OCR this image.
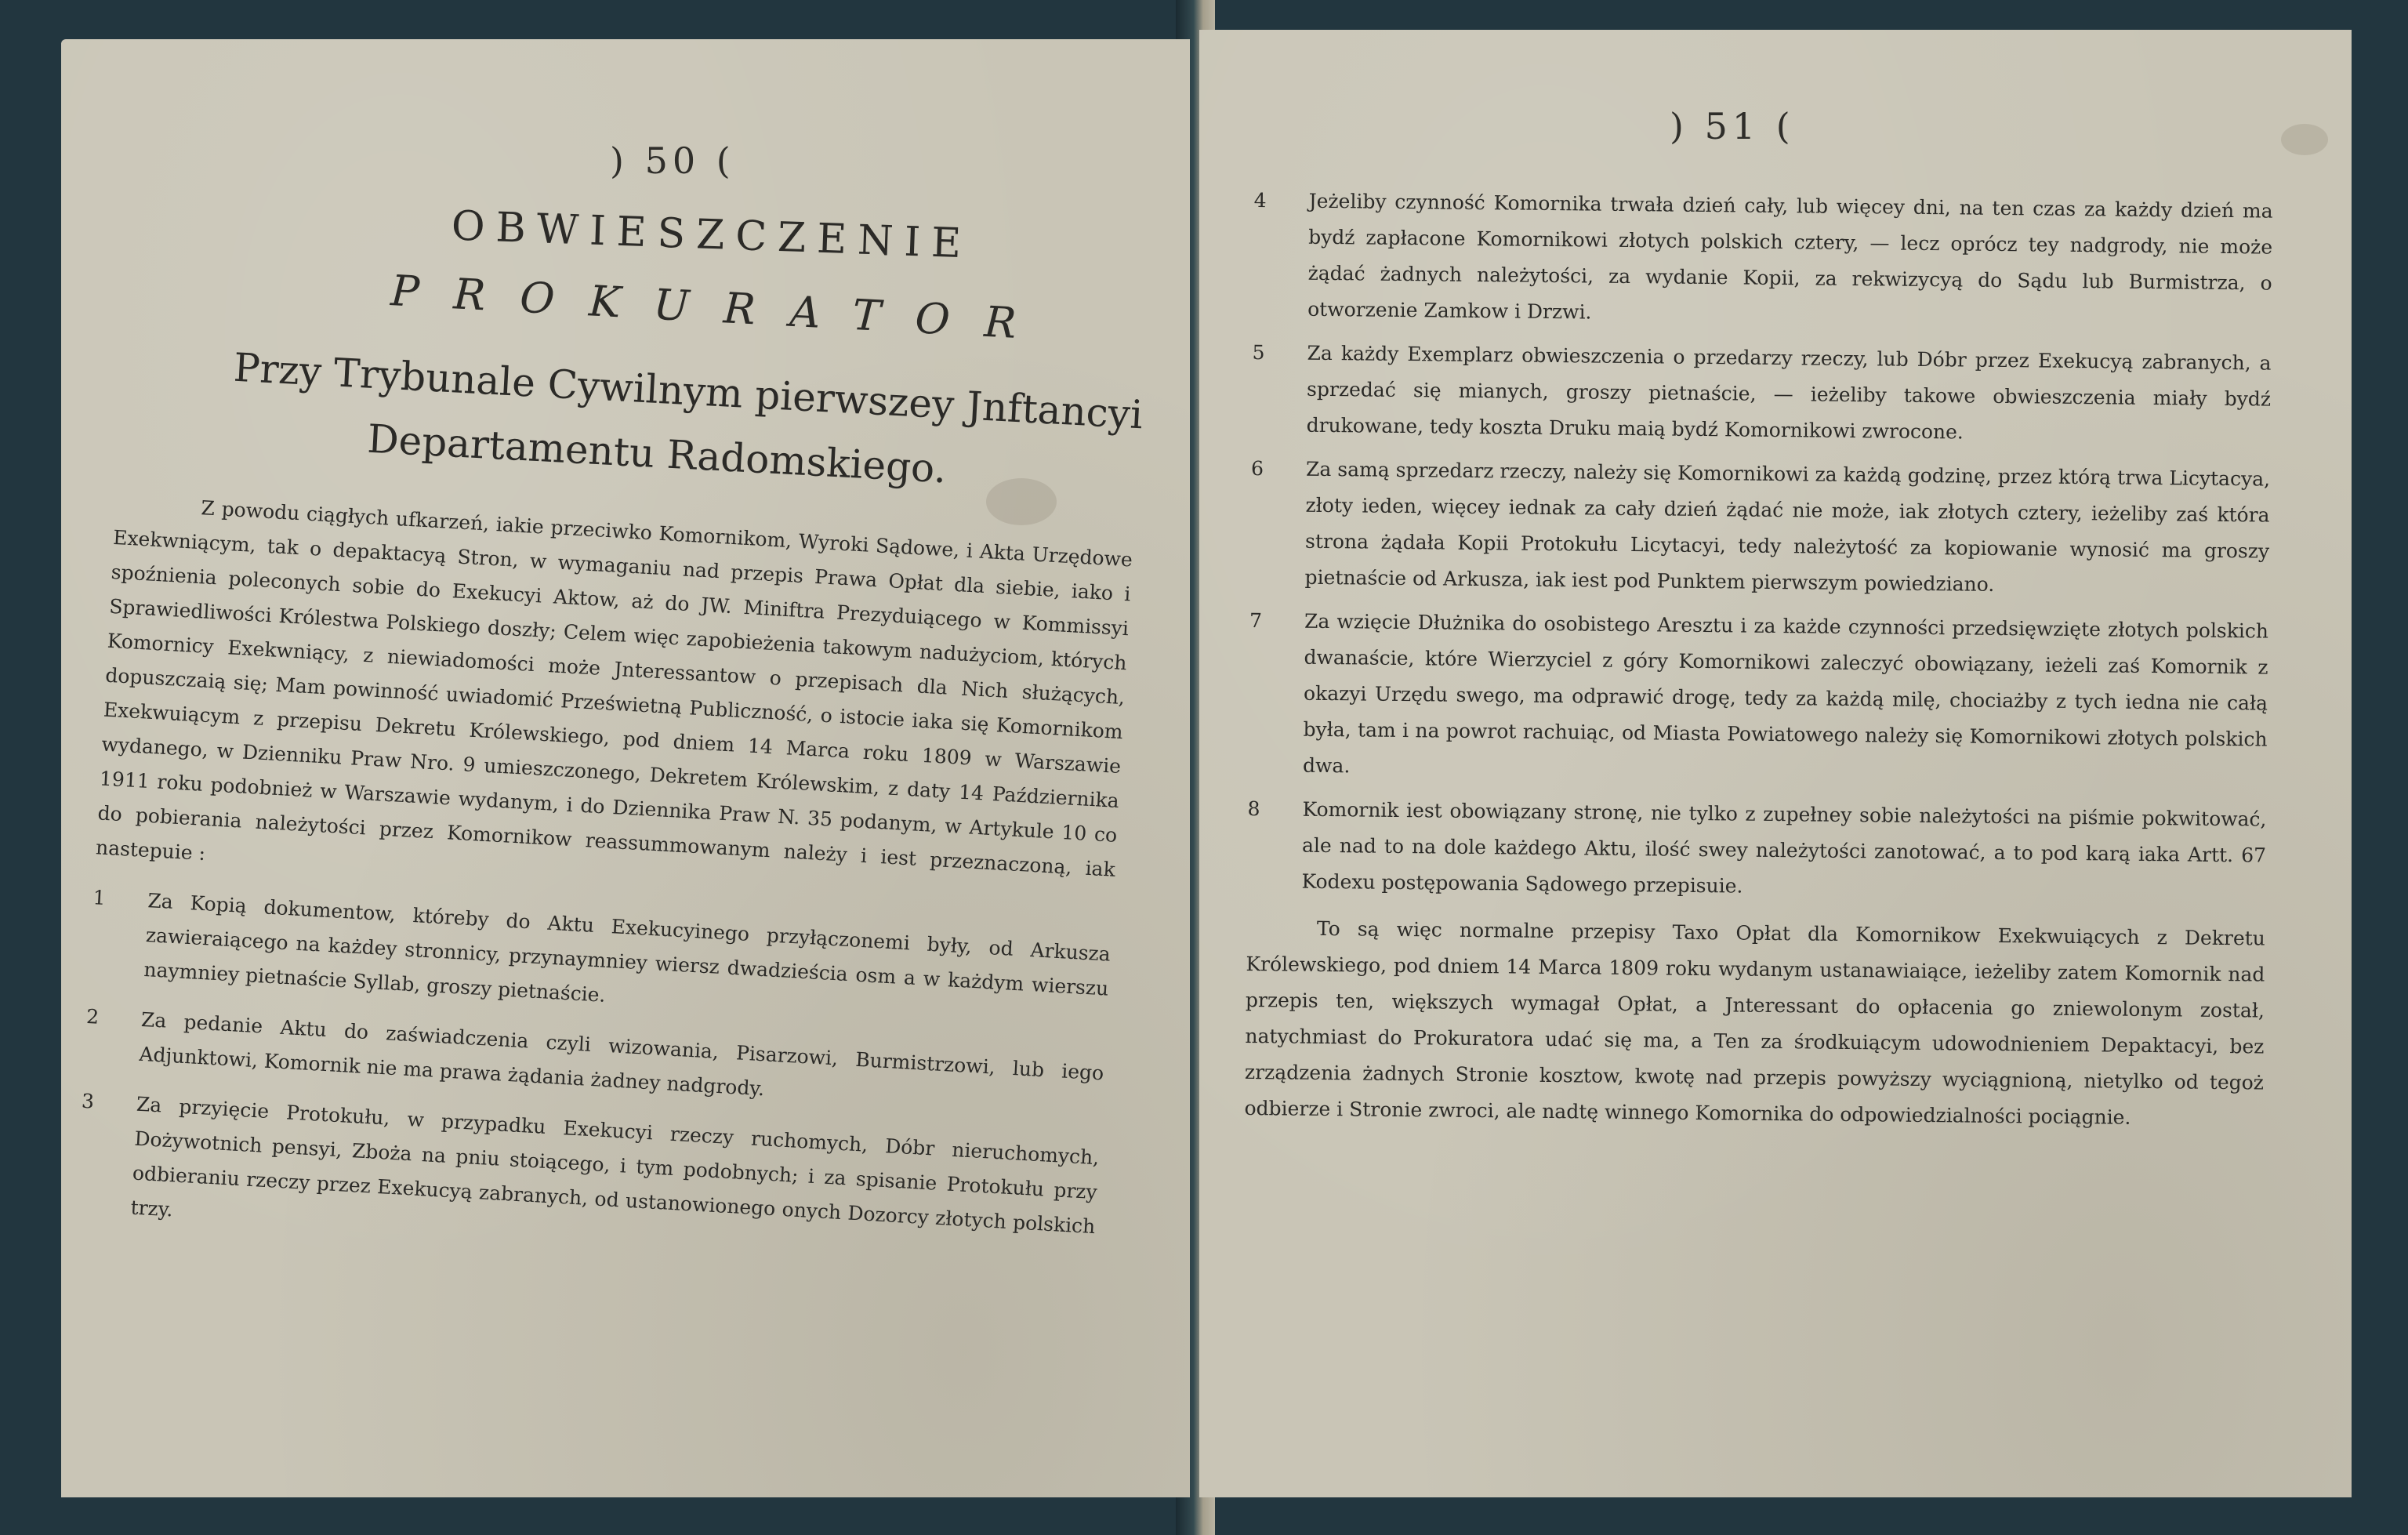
) 50 (
OBWIESZCZENIE
PROKURATOR
Przy Trybunale Cywilnym pierwszey Jnftancyi
Departamentu Radomskiego.

Z powodu ciągłych ufkarzeń, iakie przeciwko Komornikom, Wyroki Sądowe, i Akta Urzędowe Exekwniącym, tak o depaktacyą Stron, w wymaganiu nad przepis Prawa Opłat dla siebie, iako i spoźnienia poleconych sobie do Exekucyi Aktow, aż do JW. Miniftra Prezyduiącego w Kommissyi Sprawiedliwości Królestwa Polskiego doszły; Celem więc zapobieżenia takowym nadużyciom, których Komornicy Exekwniący, z niewiadomości może Jnteressantow o przepisach dla Nich służących, dopuszczaią się; Mam powinność uwiadomić Prześwietną Publiczność, o istocie iaka się Komornikom Exekwuiącym z przepisu Dekretu Królewskiego, pod dniem 14 Marca roku 1809 w Warszawie wydanego, w Dzienniku Praw Nro. 9 umieszczonego, Dekretem Królewskim, z daty 14 Października 1911 roku podobnież w Warszawie wydanym, i do Dziennika Praw N. 35 podanym, w Artykule 10 co do pobierania należytości przez Komornikow reassummowanym należy i iest przeznaczoną, iak nastepuie :

1 Za Kopią dokumentow, któreby do Aktu Exekucyinego przyłączonemi były, od Arkusza zawieraiącego na każdey stronnicy, przynaymniey wiersz dwadzieścia osm a w każdym wierszu naymniey pietnaście Syllab, groszy pietnaście.
2 Za pedanie Aktu do zaświadczenia czyli wizowania, Pisarzowi, Burmistrzowi, lub iego Adjunktowi, Komornik nie ma prawa żądania żadney nadgrody.
3 Za przyięcie Protokułu, w przypadku Exekucyi rzeczy ruchomych, Dóbr nieruchomych, Dożywotnich pensyi, Zboża na pniu stoiącego, i tym podobnych; i za spisanie Protokułu przy odbieraniu rzeczy przez Exekucyą zabranych, od ustanowionego onych Dozorcy złotych polskich trzy.
) 51 (
4 Jeżeliby czynność Komornika trwała dzień cały, lub więcey dni, na ten czas za każdy dzień ma bydź zapłacone Komornikowi złotych polskich cztery, — lecz oprócz tey nadgrody, nie może żądać żadnych należytości, za wydanie Kopii, za rekwizycyą do Sądu lub Burmistrza, o otworzenie Zamkow i Drzwi.
5 Za każdy Exemplarz obwieszczenia o przedarzy rzeczy, lub Dóbr przez Exekucyą zabranych, a sprzedać się mianych, groszy pietnaście, — ieżeliby takowe obwieszczenia miały bydź drukowane, tedy koszta Druku maią bydź Komornikowi zwrocone.
6 Za samą sprzedarz rzeczy, należy się Komornikowi za każdą godzinę, przez którą trwa Licytacya, złoty ieden, więcey iednak za cały dzień żądać nie może, iak złotych cztery, ieżeliby zaś która strona żądała Kopii Protokułu Licytacyi, tedy należytość za kopiowanie wynosić ma groszy pietnaście od Arkusza, iak iest pod Punktem pierwszym powiedziano.
7 Za wzięcie Dłużnika do osobistego Aresztu i za każde czynności przedsięwzięte złotych polskich dwanaście, które Wierzyciel z góry Komornikowi zaleczyć obowiązany, ieżeli zaś Komornik z okazyi Urzędu swego, ma odprawić drogę, tedy za każdą milę, chociażby z tych iedna nie całą była, tam i na powrot rachuiąc, od Miasta Powiatowego należy się Komornikowi złotych polskich dwa.
8 Komornik iest obowiązany stronę, nie tylko z zupełney sobie należytości na piśmie pokwitować, ale nad to na dole każdego Aktu, ilość swey należytości zanotować, a to pod karą iaka Artt. 67 Kodexu postępowania Sądowego przepisuie.

To są więc normalne przepisy Taxo Opłat dla Komornikow Exekwuiących z Dekretu Królewskiego, pod dniem 14 Marca 1809 roku wydanym ustanawiaiące, ieżeliby zatem Komornik nad przepis ten, większych wymagał Opłat, a Jnteressant do opłacenia go zniewolonym został, natychmiast do Prokuratora udać się ma, a Ten za środkuiącym udowodnieniem Depaktacyi, bez zrządzenia żadnych Stronie kosztow, kwotę nad przepis powyższy wyciągnioną, nietylko od tegoż odbierze i Stronie zwroci, ale nadtę winnego Komornika do odpowiedzialności pociągnie.
